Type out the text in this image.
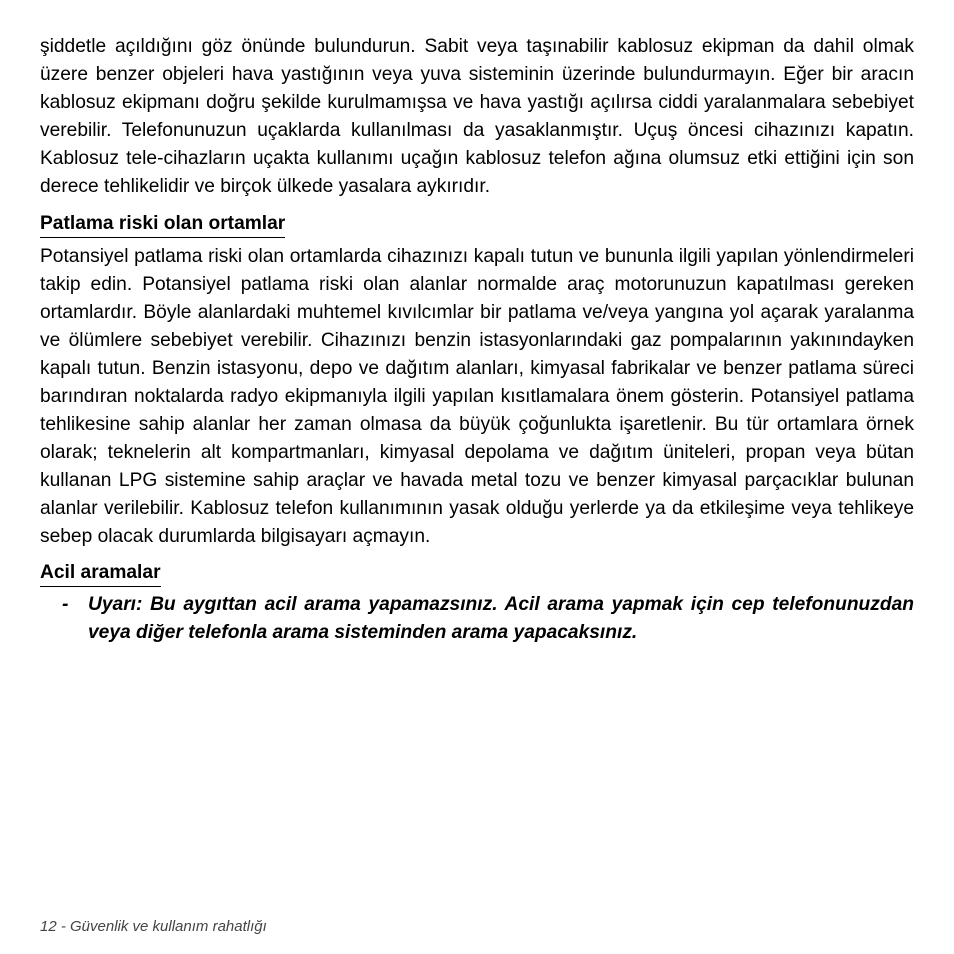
şiddetle açıldığını göz önünde bulundurun. Sabit veya taşınabilir kablosuz ekipman da dahil olmak üzere benzer objeleri hava yastığının veya yuva sisteminin üzerinde bulundurmayın. Eğer bir aracın kablosuz ekipmanı doğru şekilde kurulmamışsa ve hava yastığı açılırsa ciddi yaralanmalara sebebiyet verebilir. Telefonunuzun uçaklarda kullanılması da yasaklanmıştır. Uçuş öncesi cihazınızı kapatın. Kablosuz tele-cihazların uçakta kullanımı uçağın kablosuz telefon ağına olumsuz etki ettiğini için son derece tehlikelidir ve birçok ülkede yasalara aykırıdır.

Patlama riski olan ortamlar

Potansiyel patlama riski olan ortamlarda cihazınızı kapalı tutun ve bununla ilgili yapılan yönlendirmeleri takip edin. Potansiyel patlama riski olan alanlar normalde araç motorunuzun kapatılması gereken ortamlardır. Böyle alanlardaki muhtemel kıvılcımlar bir patlama ve/veya yangına yol açarak yaralanma ve ölümlere sebebiyet verebilir. Cihazınızı benzin istasyonlarındaki gaz pompalarının yakınındayken kapalı tutun. Benzin istasyonu, depo ve dağıtım alanları, kimyasal fabrikalar ve benzer patlama süreci barındıran noktalarda radyo ekipmanıyla ilgili yapılan kısıtlamalara önem gösterin. Potansiyel patlama tehlikesine sahip alanlar her zaman olmasa da büyük çoğunlukta işaretlenir. Bu tür ortamlara örnek olarak; teknelerin alt kompartmanları, kimyasal depolama ve dağıtım üniteleri, propan veya bütan kullanan LPG sistemine sahip araçlar ve havada metal tozu ve benzer kimyasal parçacıklar bulunan alanlar verilebilir. Kablosuz telefon kullanımının yasak olduğu yerlerde ya da etkileşime veya tehlikeye sebep olacak durumlarda bilgisayarı açmayın.

Acil aramalar
-	Uyarı: Bu aygıttan acil arama yapamazsınız. Acil arama yapmak için cep telefonunuzdan veya diğer telefonla arama sisteminden arama yapacaksınız.
12 - Güvenlik ve kullanım rahatlığı
